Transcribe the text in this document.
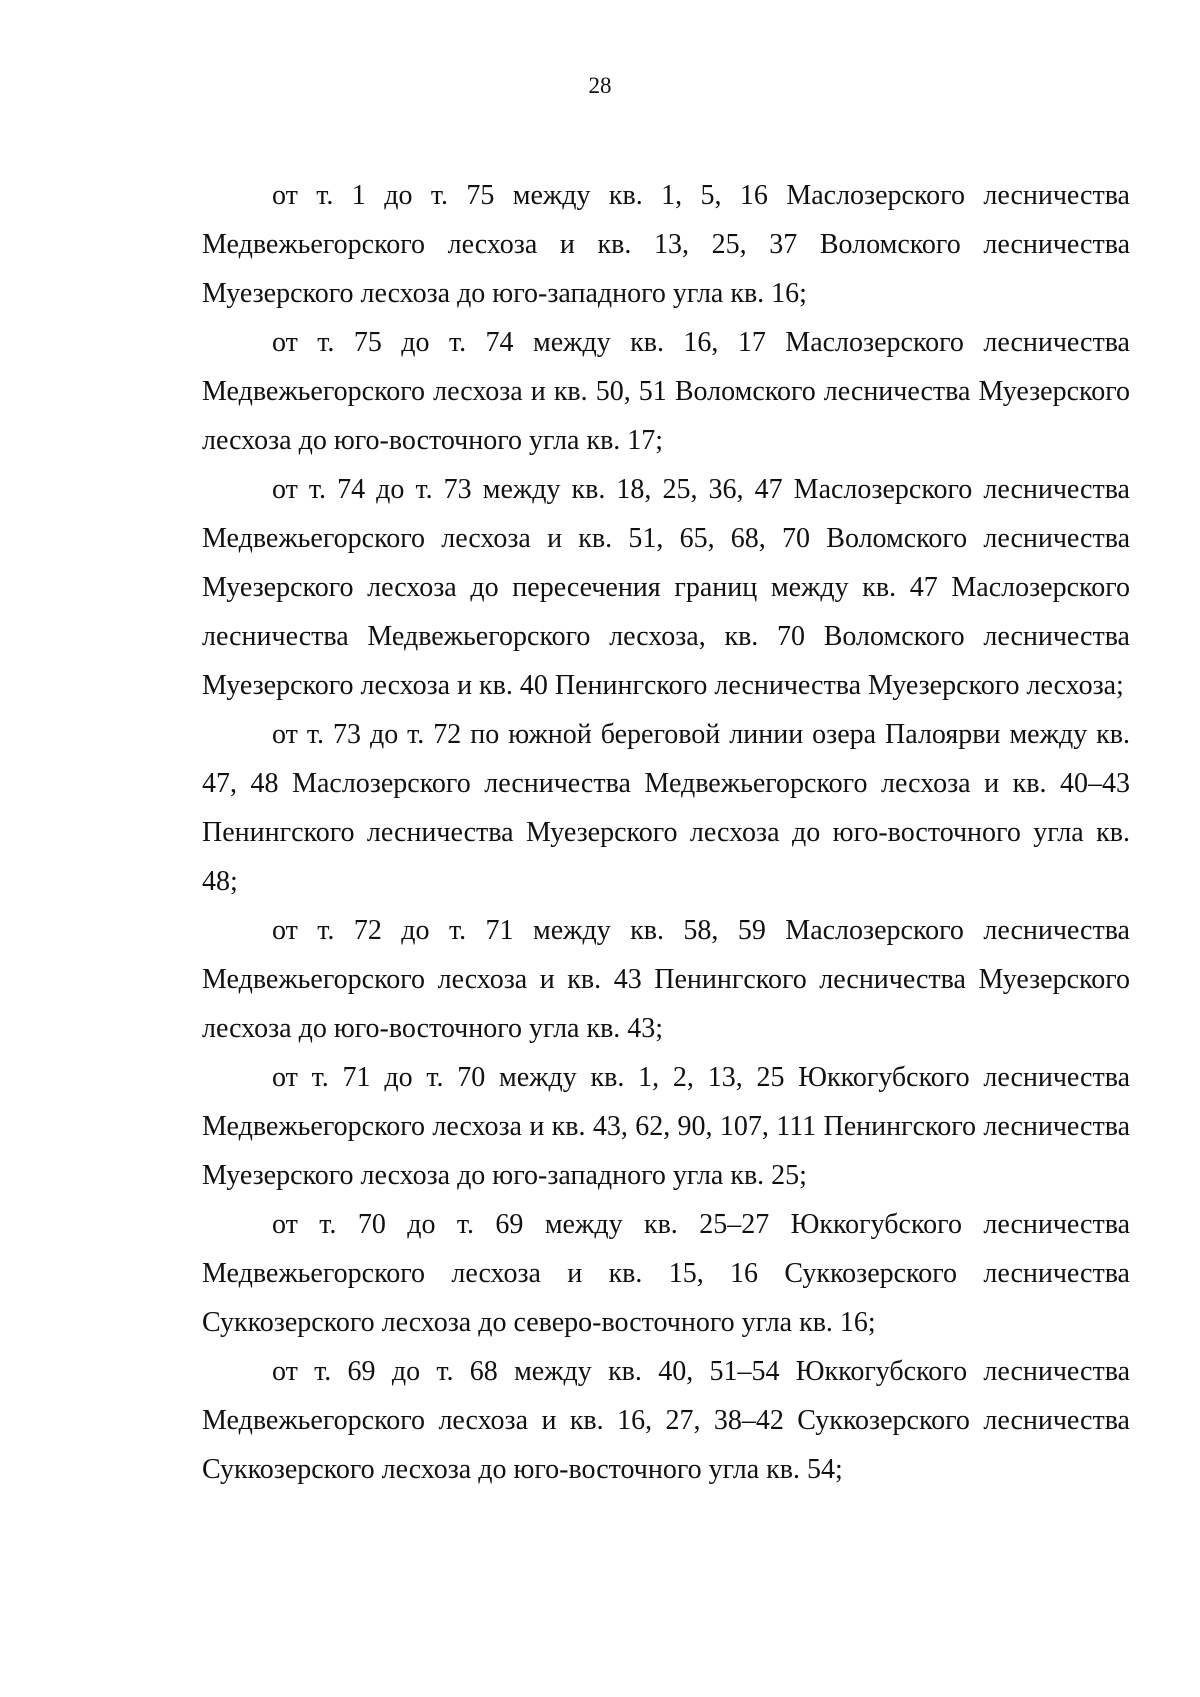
28

от т. 1 до т. 75 между кв. 1, 5, 16 Маслозерского лесничества Медвежьегорского лесхоза и кв. 13, 25, 37 Воломского лесничества Муезерского лесхоза до юго-западного угла кв. 16;

от т. 75 до т. 74 между кв. 16, 17 Маслозерского лесничества Медвежьегорского лесхоза и кв. 50, 51 Воломского лесничества Муезерского лесхоза до юго-восточного угла кв. 17;

от т. 74 до т. 73 между кв. 18, 25, 36, 47 Маслозерского лесничества Медвежьегорского лесхоза и кв. 51, 65, 68, 70 Воломского лесничества Муезерского лесхоза до пересечения границ между кв. 47 Маслозерского лесничества Медвежьегорского лесхоза, кв. 70 Воломского лесничества Муезерского лесхоза и кв. 40 Пенингского лесничества Муезерского лесхоза;

от т. 73 до т. 72 по южной береговой линии озера Палоярви между кв. 47, 48 Маслозерского лесничества Медвежьегорского лесхоза и кв. 40–43 Пенингского лесничества Муезерского лесхоза до юго-восточного угла кв. 48;

от т. 72 до т. 71 между кв. 58, 59 Маслозерского лесничества Медвежьегорского лесхоза и кв. 43 Пенингского лесничества Муезерского лесхоза до юго-восточного угла кв. 43;

от т. 71 до т. 70 между кв. 1, 2, 13, 25 Юккогубского лесничества Медвежьегорского лесхоза и кв. 43, 62, 90, 107, 111 Пенингского лесничества Муезерского лесхоза до юго-западного угла кв. 25;

от т. 70 до т. 69 между кв. 25–27 Юккогубского лесничества Медвежьегорского лесхоза и кв. 15, 16 Суккозерского лесничества Суккозерского лесхоза до северо-восточного угла кв. 16;

от т. 69 до т. 68 между кв. 40, 51–54 Юккогубского лесничества Медвежьегорского лесхоза и кв. 16, 27, 38–42 Суккозерского лесничества Суккозерского лесхоза до юго-восточного угла кв. 54;
